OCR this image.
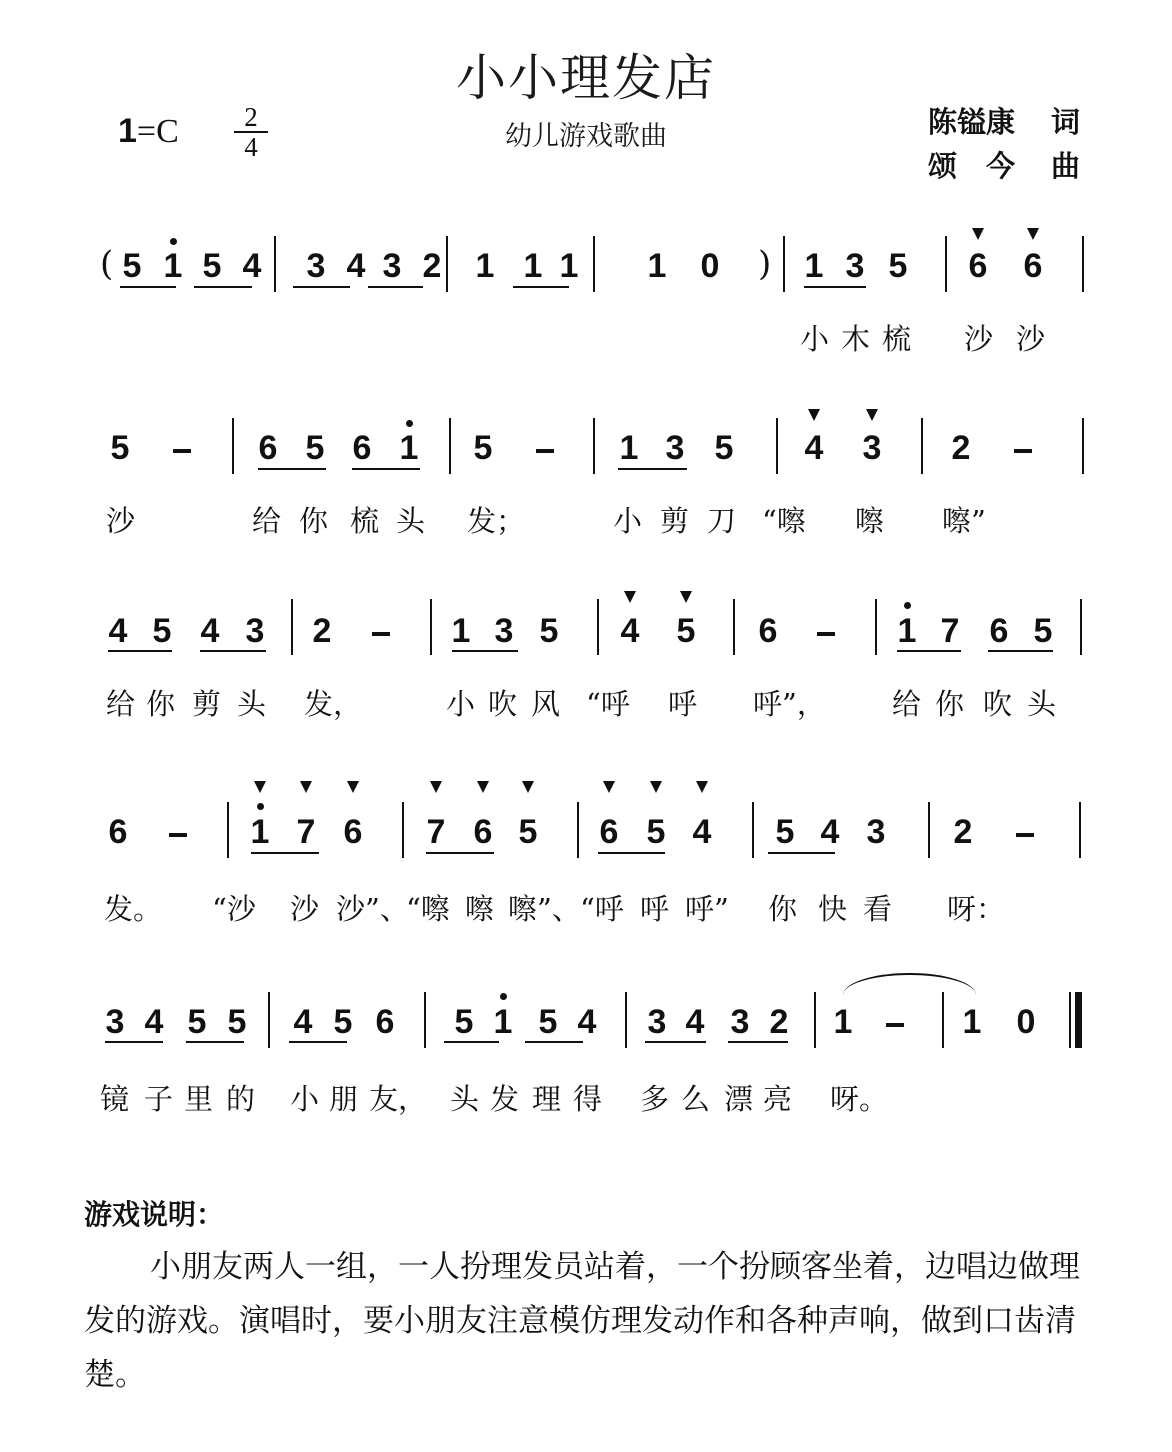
小小理发店
幼儿游戏歌曲
1=C	2
4
陈镒康 词
颂　今 曲
( 5 1 5 4 3 4 3 2 1 1 1 1 0 ) 1 3 5 6 6
小 木 梳 沙 沙
5	6 5 6 1 5	1 3 5 4 3 2
沙	给 你 梳 头 发；	小 剪 刀 “嚓 嚓 嚓”
4 5 4 3 2	1 3 5 4 5 6	1 7 6 5
给 你 剪 头 发，	小 吹 风 “呼 呼 呼”， 给 你 吹 头
6	1 7 6 7 6 5 6 5 4 5 4 3 2
发。 “沙 沙 沙”、
“嚓 嚓 嚓”、 “呼 呼 呼” 你 快 看 呀：
3 4 5 5 4 5 6 5 1 5 4 3 4 3 2 1	1 0
镜 子 里 的 小 朋 友， 头 发 理 得 多 么 漂 亮 呀。
游戏说明：
小朋友两人一组，一人扮理发员站着，一个扮顾客坐着，边唱边做理发的游戏。演唱时，要小朋友注意模仿理发动作和各种声响，做到口齿清楚。
